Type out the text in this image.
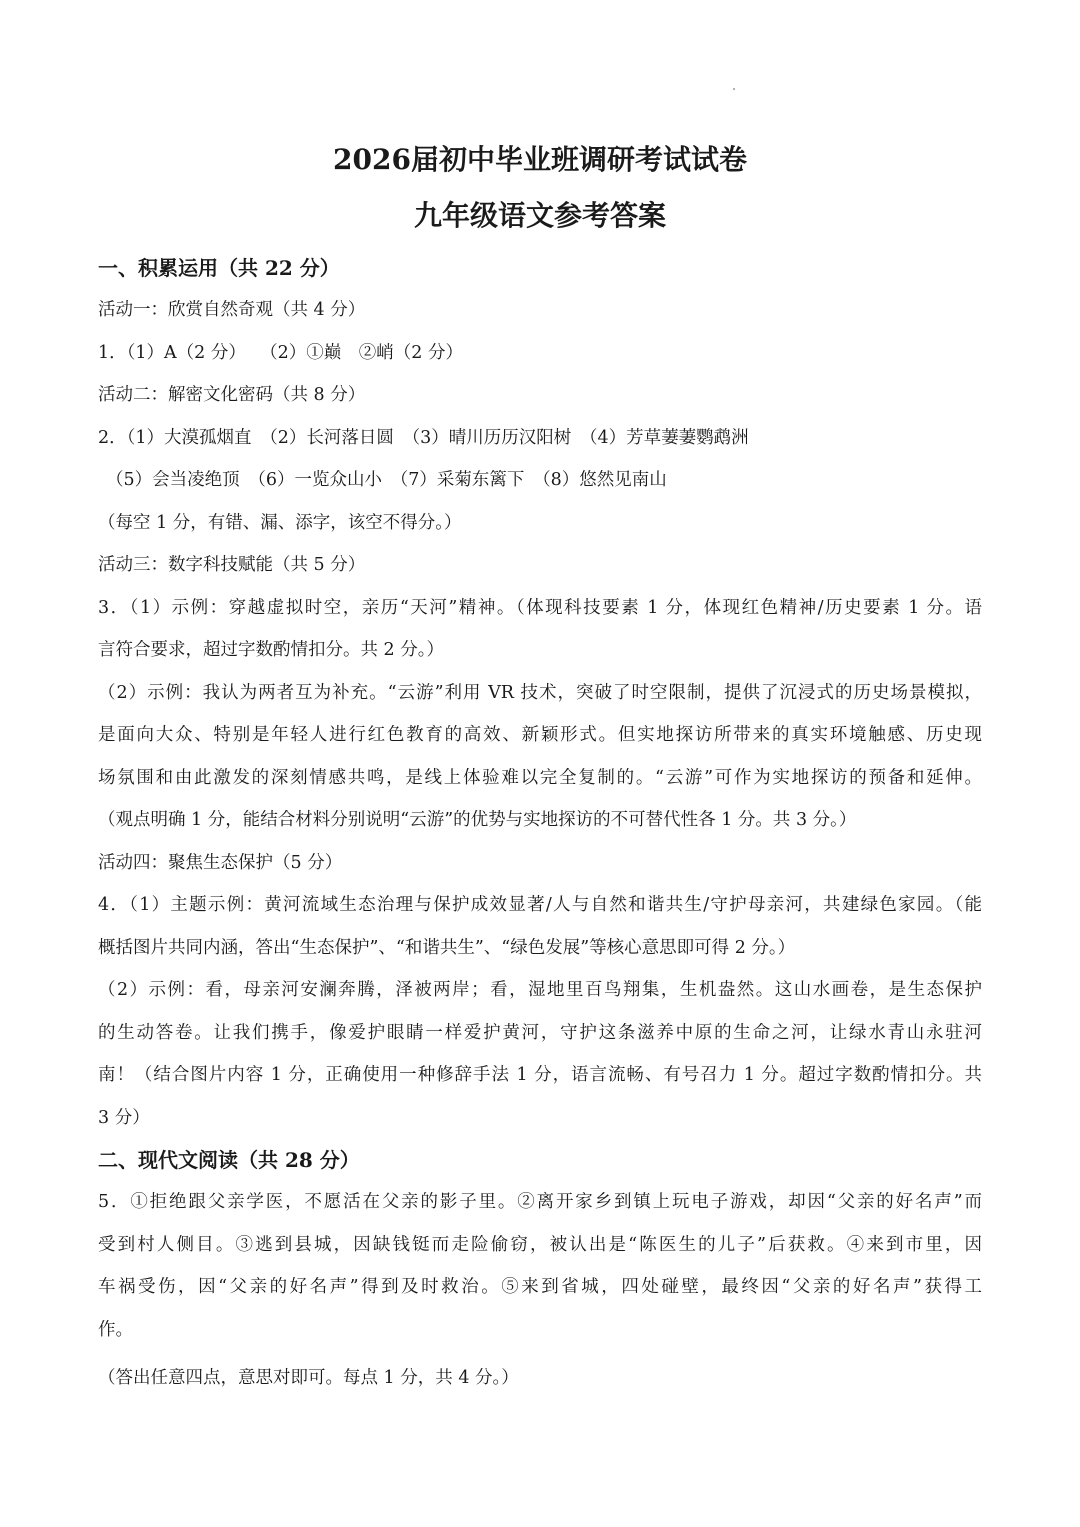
2026届初中毕业班调研考试试卷
九年级语文参考答案
一、积累运用（共 22 分）
活动一：欣赏自然奇观（共 4 分）
1．（1）A（2 分）　 （2）①巅　②峭（2 分）
活动二：解密文化密码（共 8 分）
2．（1）大漠孤烟直　（2）长河落日圆　（3）晴川历历汉阳树　（4）芳草萋萋鹦鹉洲
（5）会当凌绝顶　（6）一览众山小　（7）采菊东篱下　（8）悠然见南山
（每空 1 分，有错、漏、添字，该空不得分。）
活动三：数字科技赋能（共 5 分）
3．（1）示例：穿越虚拟时空，亲历“天河”精神。（体现科技要素 1 分，体现红色精神/历史要素 1 分。语
言符合要求，超过字数酌情扣分。共 2 分。）
（2）示例：我认为两者互为补充。“云游”利用 VR 技术，突破了时空限制，提供了沉浸式的历史场景模拟，
是面向大众、特别是年轻人进行红色教育的高效、新颖形式。但实地探访所带来的真实环境触感、历史现
场氛围和由此激发的深刻情感共鸣，是线上体验难以完全复制的。“云游”可作为实地探访的预备和延伸。
（观点明确 1 分，能结合材料分别说明“云游”的优势与实地探访的不可替代性各 1 分。共 3 分。）
活动四：聚焦生态保护（5 分）
4．（1）主题示例：黄河流域生态治理与保护成效显著/人与自然和谐共生/守护母亲河，共建绿色家园。（能
概括图片共同内涵，答出“生态保护”、“和谐共生”、“绿色发展”等核心意思即可得 2 分。）
（2）示例：看，母亲河安澜奔腾，泽被两岸；看，湿地里百鸟翔集，生机盎然。这山水画卷，是生态保护
的生动答卷。让我们携手，像爱护眼睛一样爱护黄河，守护这条滋养中原的生命之河，让绿水青山永驻河
南！（结合图片内容 1 分，正确使用一种修辞手法 1 分，语言流畅、有号召力 1 分。超过字数酌情扣分。共
3 分）
二、现代文阅读（共 28 分）
5．①拒绝跟父亲学医，不愿活在父亲的影子里。②离开家乡到镇上玩电子游戏，却因“父亲的好名声”而
受到村人侧目。③逃到县城，因缺钱铤而走险偷窃，被认出是“陈医生的儿子”后获救。④来到市里，因
车祸受伤，因“父亲的好名声”得到及时救治。⑤来到省城，四处碰壁，最终因“父亲的好名声”获得工
作。
（答出任意四点，意思对即可。每点 1 分，共 4 分。）
